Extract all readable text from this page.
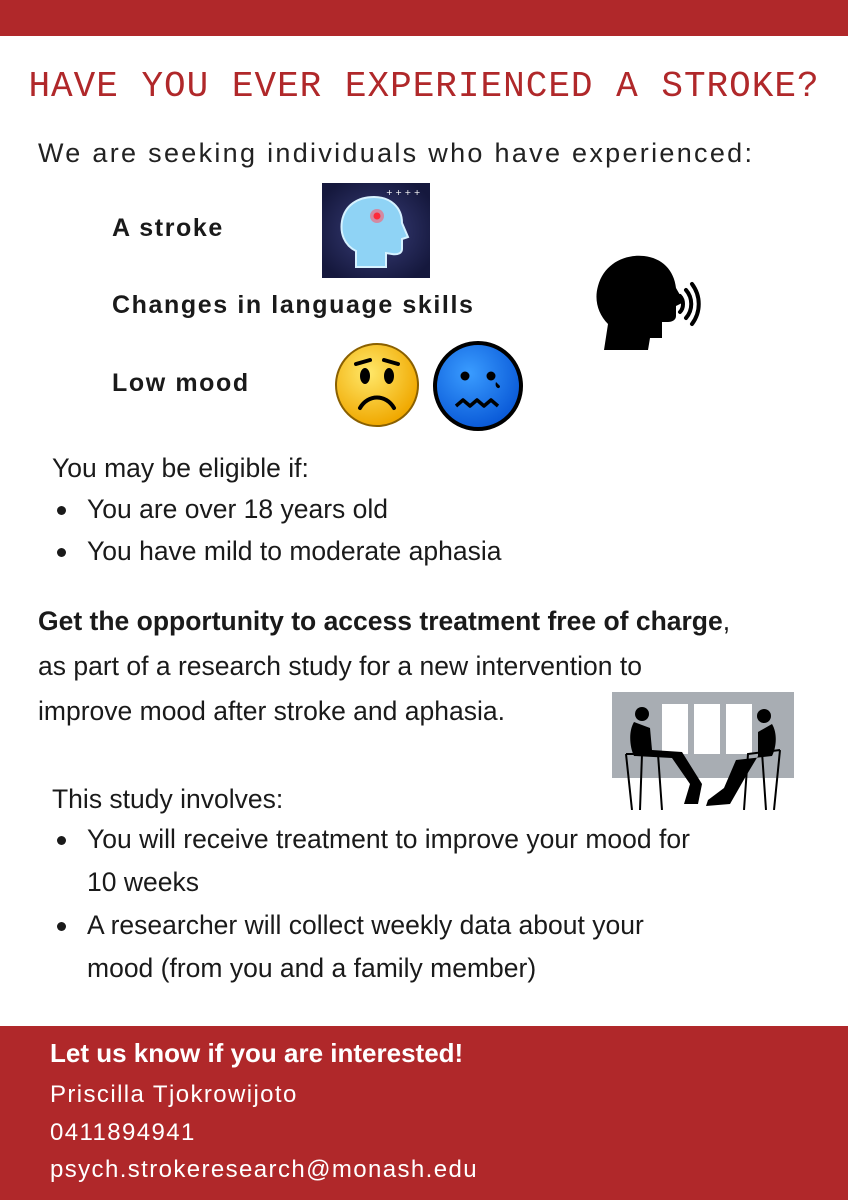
HAVE YOU EVER EXPERIENCED A STROKE?
We are seeking individuals who have experienced:
A stroke
Changes in language skills
Low mood
+ + + +
You may be eligible if:
You are over 18 years old
You have mild to moderate aphasia
Get the opportunity to access treatment free of charge,
as part of a research study for a new intervention to
improve mood after stroke and aphasia.
This study involves:
You will receive treatment to improve your mood for
10 weeks
A researcher will collect weekly data about your
mood (from you and a family member)
Let us know if you are interested!
Priscilla Tjokrowijoto
0411894941
psych.strokeresearch@monash.edu
